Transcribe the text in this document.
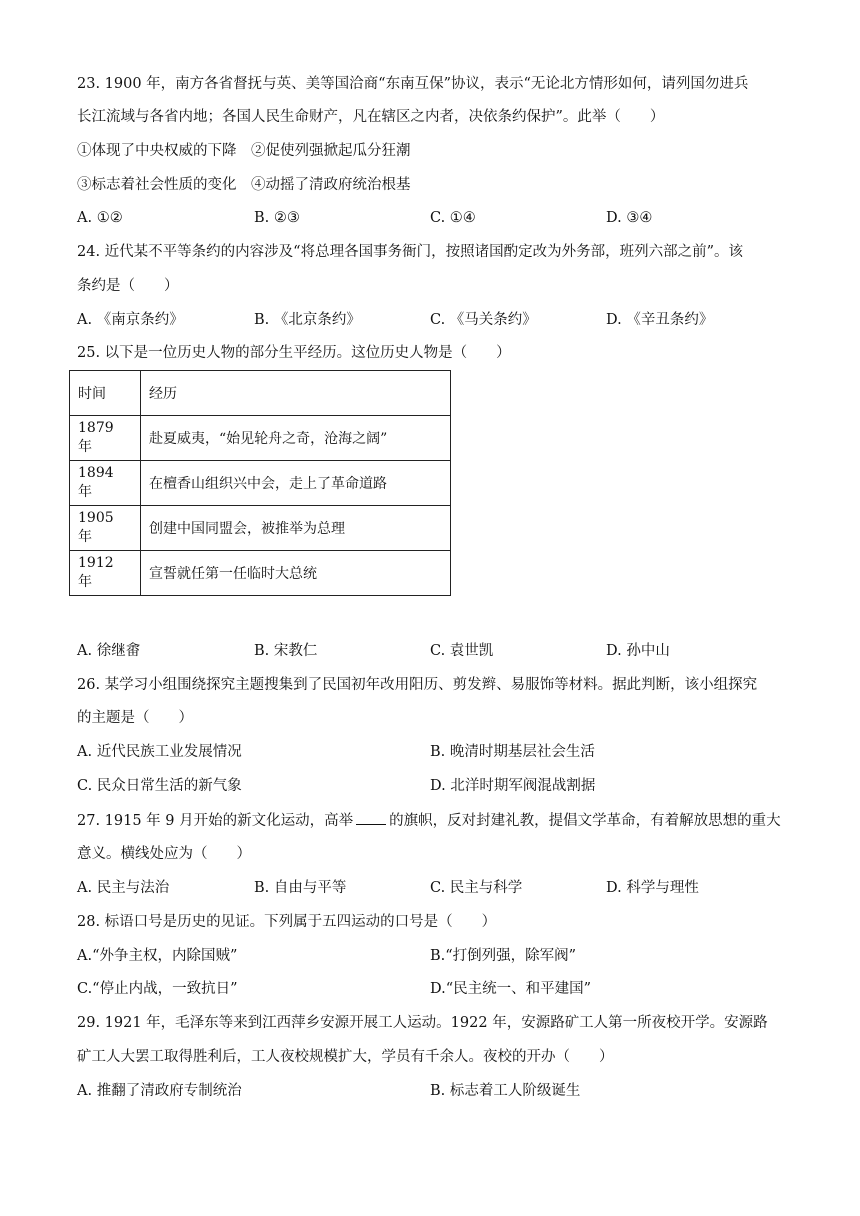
23. 1900 年，南方各省督抚与英、美等国洽商“东南互保”协议，表示“无论北方情形如何，请列国勿进兵
长江流域与各省内地；各国人民生命财产，凡在辖区之内者，决依条约保护”。此举（　　）
①体现了中央权威的下降　②促使列强掀起瓜分狂潮
③标志着社会性质的变化　④动摇了清政府统治根基
A. ①②	B. ②③	C. ①④	D. ③④
24. 近代某不平等条约的内容涉及“将总理各国事务衙门，按照诸国酌定改为外务部，班列六部之前”。该
条约是（　　）
A. 《南京条约》	B. 《北京条约》	C. 《马关条约》	D. 《辛丑条约》
25. 以下是一位历史人物的部分生平经历。这位历史人物是（　　）
时间	经历
1879 年	赴夏威夷，“始见轮舟之奇，沧海之阔”
1894 年	在檀香山组织兴中会，走上了革命道路
1905 年	创建中国同盟会，被推举为总理
1912 年	宣誓就任第一任临时大总统
A. 徐继畬	B. 宋教仁	C. 袁世凯	D. 孙中山
26. 某学习小组围绕探究主题搜集到了民国初年改用阳历、剪发辫、易服饰等材料。据此判断，该小组探究
的主题是（　　）
A. 近代民族工业发展情况	B. 晚清时期基层社会生活
C. 民众日常生活的新气象	D. 北洋时期军阀混战割据
27. 1915 年 9 月开始的新文化运动，高举 的旗帜，反对封建礼教，提倡文学革命，有着解放思想的重大
意义。横线处应为（　　）
A. 民主与法治	B. 自由与平等	C. 民主与科学	D. 科学与理性
28. 标语口号是历史的见证。下列属于五四运动的口号是（　　）
A.“外争主权，内除国贼”	B.“打倒列强，除军阀”
C.“停止内战，一致抗日”	D.“民主统一、和平建国”
29. 1921 年，毛泽东等来到江西萍乡安源开展工人运动。1922 年，安源路矿工人第一所夜校开学。安源路
矿工人大罢工取得胜利后，工人夜校规模扩大，学员有千余人。夜校的开办（　　）
A. 推翻了清政府专制统治	B. 标志着工人阶级诞生
